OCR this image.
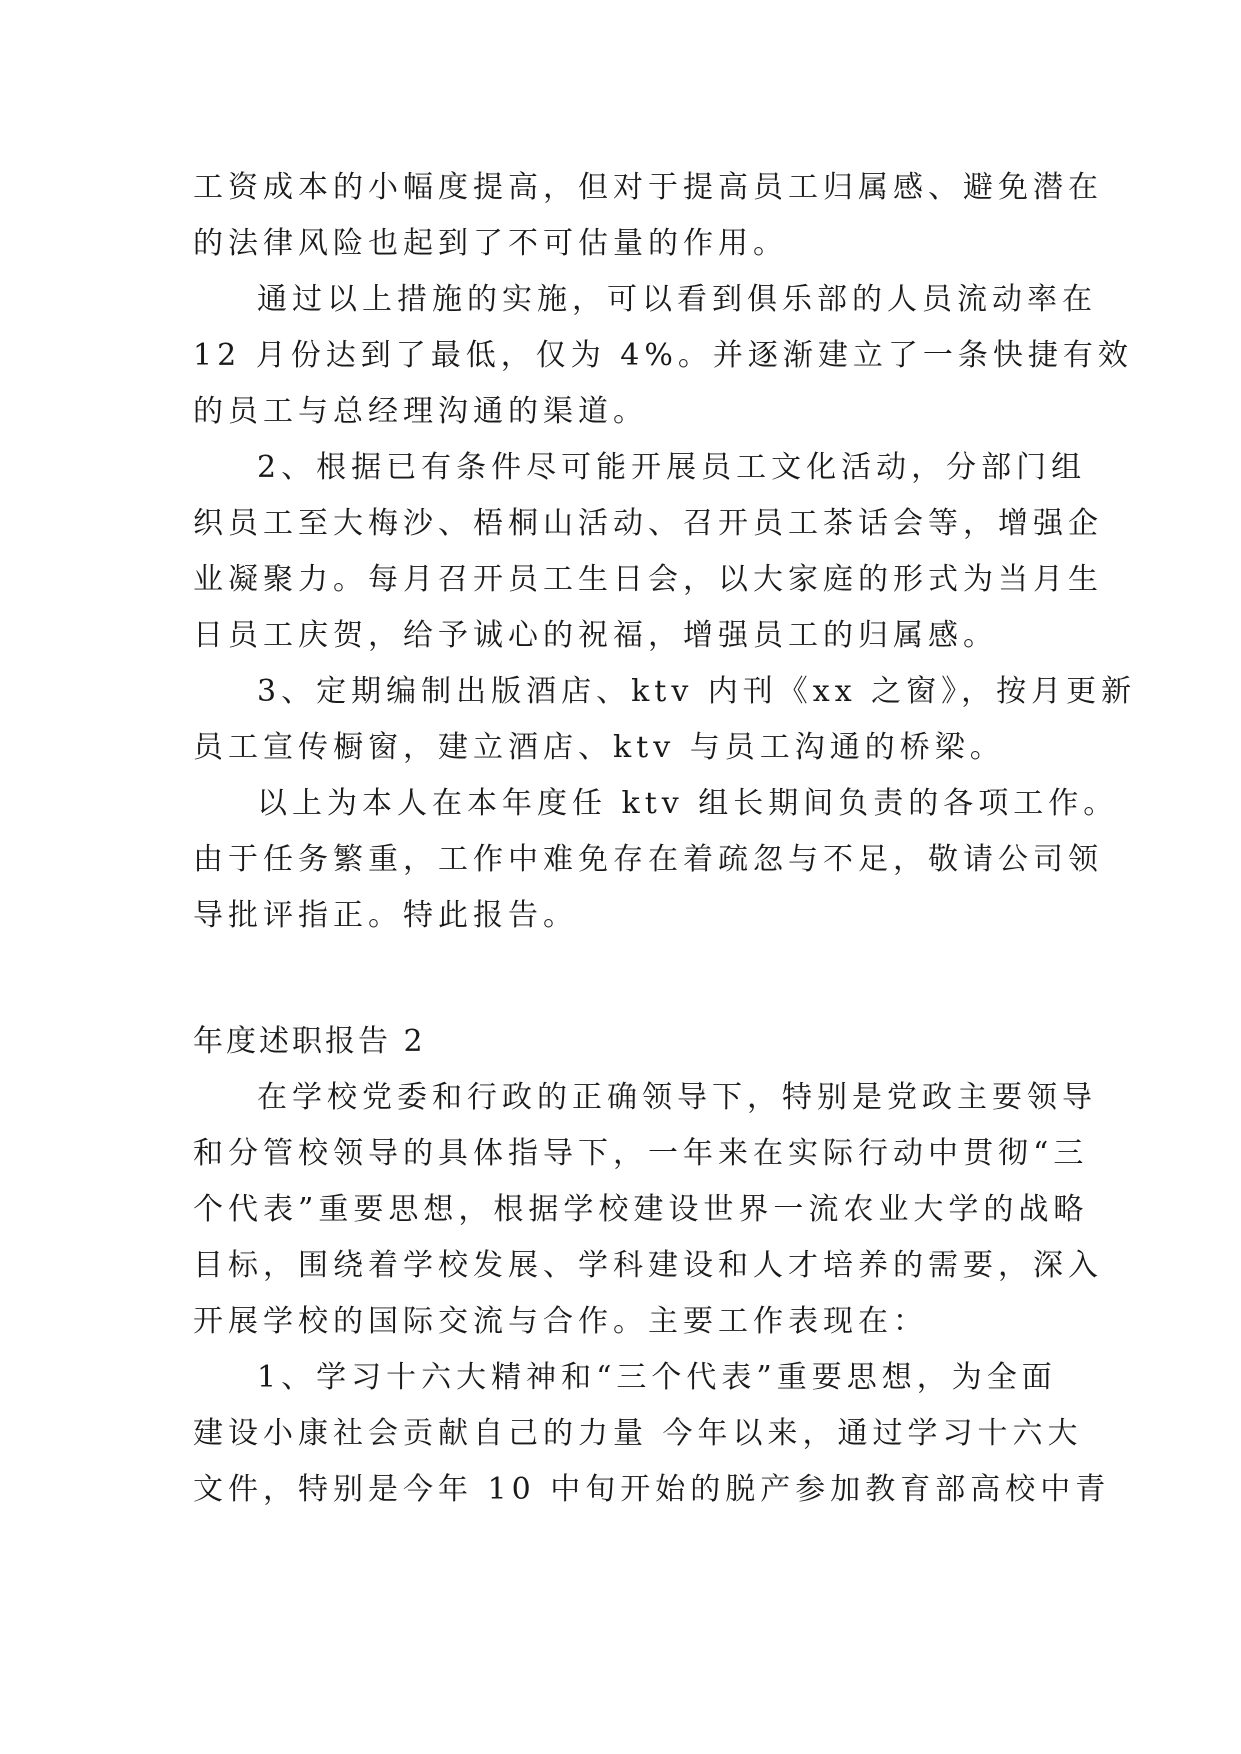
工资成本的小幅度提高，但对于提高员工归属感、避免潜在
的法律风险也起到了不可估量的作用。
通过以上措施的实施，可以看到俱乐部的人员流动率在
12 月份达到了最低，仅为 4%。并逐渐建立了一条快捷有效
的员工与总经理沟通的渠道。
2、根据已有条件尽可能开展员工文化活动，分部门组
织员工至大梅沙、梧桐山活动、召开员工茶话会等，增强企
业凝聚力。每月召开员工生日会，以大家庭的形式为当月生
日员工庆贺，给予诚心的祝福，增强员工的归属感。
3、定期编制出版酒店、ktv 内刊《xx 之窗》，按月更新
员工宣传橱窗，建立酒店、ktv 与员工沟通的桥梁。
以上为本人在本年度任 ktv 组长期间负责的各项工作。
由于任务繁重，工作中难免存在着疏忽与不足，敬请公司领
导批评指正。特此报告。
年度述职报告 2
在学校党委和行政的正确领导下，特别是党政主要领导
和分管校领导的具体指导下，一年来在实际行动中贯彻“三
个代表”重要思想，根据学校建设世界一流农业大学的战略
目标，围绕着学校发展、学科建设和人才培养的需要，深入
开展学校的国际交流与合作。主要工作表现在：
1、学习十六大精神和“三个代表”重要思想，为全面
建设小康社会贡献自己的力量 今年以来，通过学习十六大
文件，特别是今年 10 中旬开始的脱产参加教育部高校中青
